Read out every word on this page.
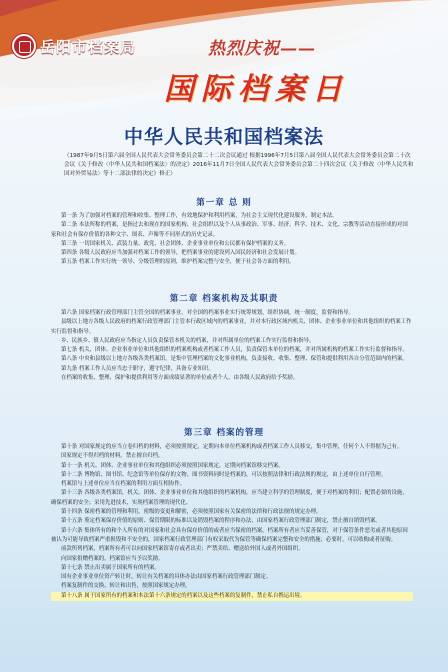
岳阳市档案局	热烈庆祝——
国际档案日
中华人民共和国档案法
（1987年9月5日第六届全国人民代表大会常务委员会第二十二次会议通过 根据1996年7月5日第八届全国人民代表大会常务委员会第二十次会议《关于修改〈中华人民共和国档案法〉的决定》2016年11月7日全国人民代表大会常务委员会第二十四次会议《关于修改〈中华人民共和国对外贸易法〉等十二部法律的决定》修正）
第一章 总 则

第一条 为了加强对档案的管理和收集、整理工作，有效地保护和利用档案，为社会主义现代化建设服务，制定本法。

第二条 本法所称的档案，是指过去和现在的国家机构、社会组织以及个人从事政治、军事、经济、科学、技术、文化、宗教等活动直接形成的对国家和社会有保存价值的各种文字、图表、声像等不同形式的历史记录。

第三条 一切国家机关、武装力量、政党、社会团体、企业事业单位和公民都有保护档案的义务。

第四条 各级人民政府应当加强对档案工作的领导，把档案事业的建设列入国民经济和社会发展计划。

第五条 档案工作实行统一领导、分级管理的原则，维护档案完整与安全，便于社会各方面的利用。

第二章 档案机构及其职责

第六条 国家档案行政管理部门主管全国的档案事业，对全国的档案事业实行统筹规划，组织协调，统一制度，监督和指导。

县级以上地方各级人民政府的档案行政管理部门主管本行政区域内的档案事业，并对本行政区域内机关、团体、企业事业单位和其他组织的档案工作实行监督和指导。

乡、民族乡、镇人民政府应当指定人员负责保管本机关的档案，并对所属单位的档案工作实行监督和指导。

第七条 机关、团体、企业事业单位和其他组织的档案机构或者档案工作人员，负责保管本单位的档案，并对所属机构的档案工作实行监督和指导。

第八条 中央和县级以上地方各级各类档案馆，是集中管理档案的文化事业机构，负责接收、收集、整理、保管和提供利用各自分管范围内的档案。

第九条 档案工作人员应当忠于职守，遵守纪律，具备专业知识。

在档案的收集、整理、保护和提供利用等方面成绩显著的单位或者个人，由各级人民政府给予奖励。

第三章 档案的管理

第十条 对国家规定的应当立卷归档的材料，必须按照规定，定期向本单位档案机构或者档案工作人员移交，集中管理，任何个人不得据为己有。

国家规定不得归档的材料，禁止擅自归档。

第十一条 机关、团体、企业事业单位和其他组织必须按照国家规定，定期向档案馆移交档案。

第十二条 博物馆、图书馆、纪念馆等单位保存的文物、图书资料同时是档案的，可以按照法律和行政法规的规定，由上述单位自行管理。

档案馆与上述单位应当在档案的利用方面互相协作。

第十三条 各级各类档案馆，机关、团体、企业事业单位和其他组织的档案机构，应当建立科学的管理制度，便于对档案的利用；配置必要的设施，确保档案的安全；采用先进技术，实现档案管理的现代化。

第十四条 保密档案的管理和利用，密级的变更和解密，必须按照国家有关保密的法律和行政法规的规定办理。

第十五条 鉴定档案保存价值的原则、保管期限的标准以及销毁档案的程序和办法，由国家档案行政管理部门制定，禁止擅自销毁档案。

第十六条 集体所有的和个人所有的对国家和社会具有保存价值的或者应当保密的档案，档案所有者应当妥善保管，对于保管条件恶劣或者其他原因被认为可能导致档案严重损毁和不安全的，国家档案行政管理部门有权采取代为保管等确保档案完整和安全的措施；必要时，可以收购或者征购。

前款所列档案，档案所有者可以向国家档案馆寄存或者出卖；严禁卖给、赠送给外国人或者外国组织。

向国家捐赠档案的，档案馆应当予以奖励。

第十七条 禁止出卖属于国家所有的档案。

国有企业事业单位资产转让时，转让有关档案的具体办法由国家档案行政管理部门制定。

档案复制件的交换、转让和出售，按照国家规定办理。

第十八条 属于国家所有的档案和本法第十六条规定的档案以及这些档案的复制件，禁止私自携运出境。
